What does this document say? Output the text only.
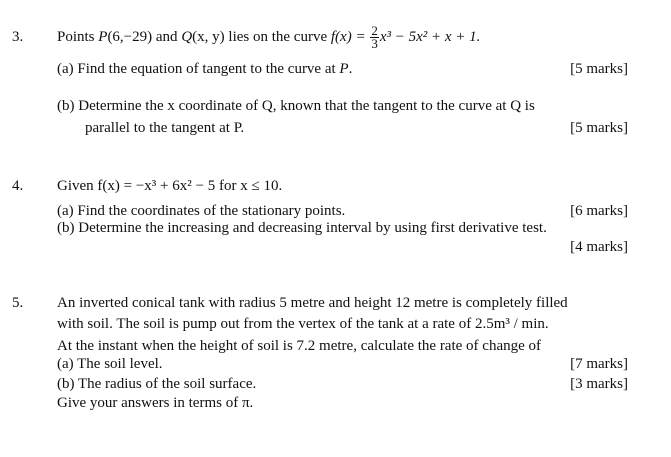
3. Points P(6,−29) and Q(x, y) lies on the curve $f(x) = \frac{2}{3} x^3 - 5x^2 + x + 1$.
(a) Find the equation of tangent to the curve at P.	[5 marks]
(b) Determine the x coordinate of Q, known that the tangent to the curve at Q is
parallel to the tangent at P.	[5 marks]
4. Given f(x) = −x³ + 6x² − 5 for x ≤ 10.
(a) Find the coordinates of the stationary points.	[6 marks]
(b) Determine the increasing and decreasing interval by using first derivative test.
[4 marks]
5. An inverted conical tank with radius 5 metre and height 12 metre is completely filled
with soil. The soil is pump out from the vertex of the tank at a rate of 2.5m³ / min.
At the instant when the height of soil is 7.2 metre, calculate the rate of change of
(a) The soil level.	[7 marks]
(b) The radius of the soil surface.	[3 marks]
Give your answers in terms of π.
